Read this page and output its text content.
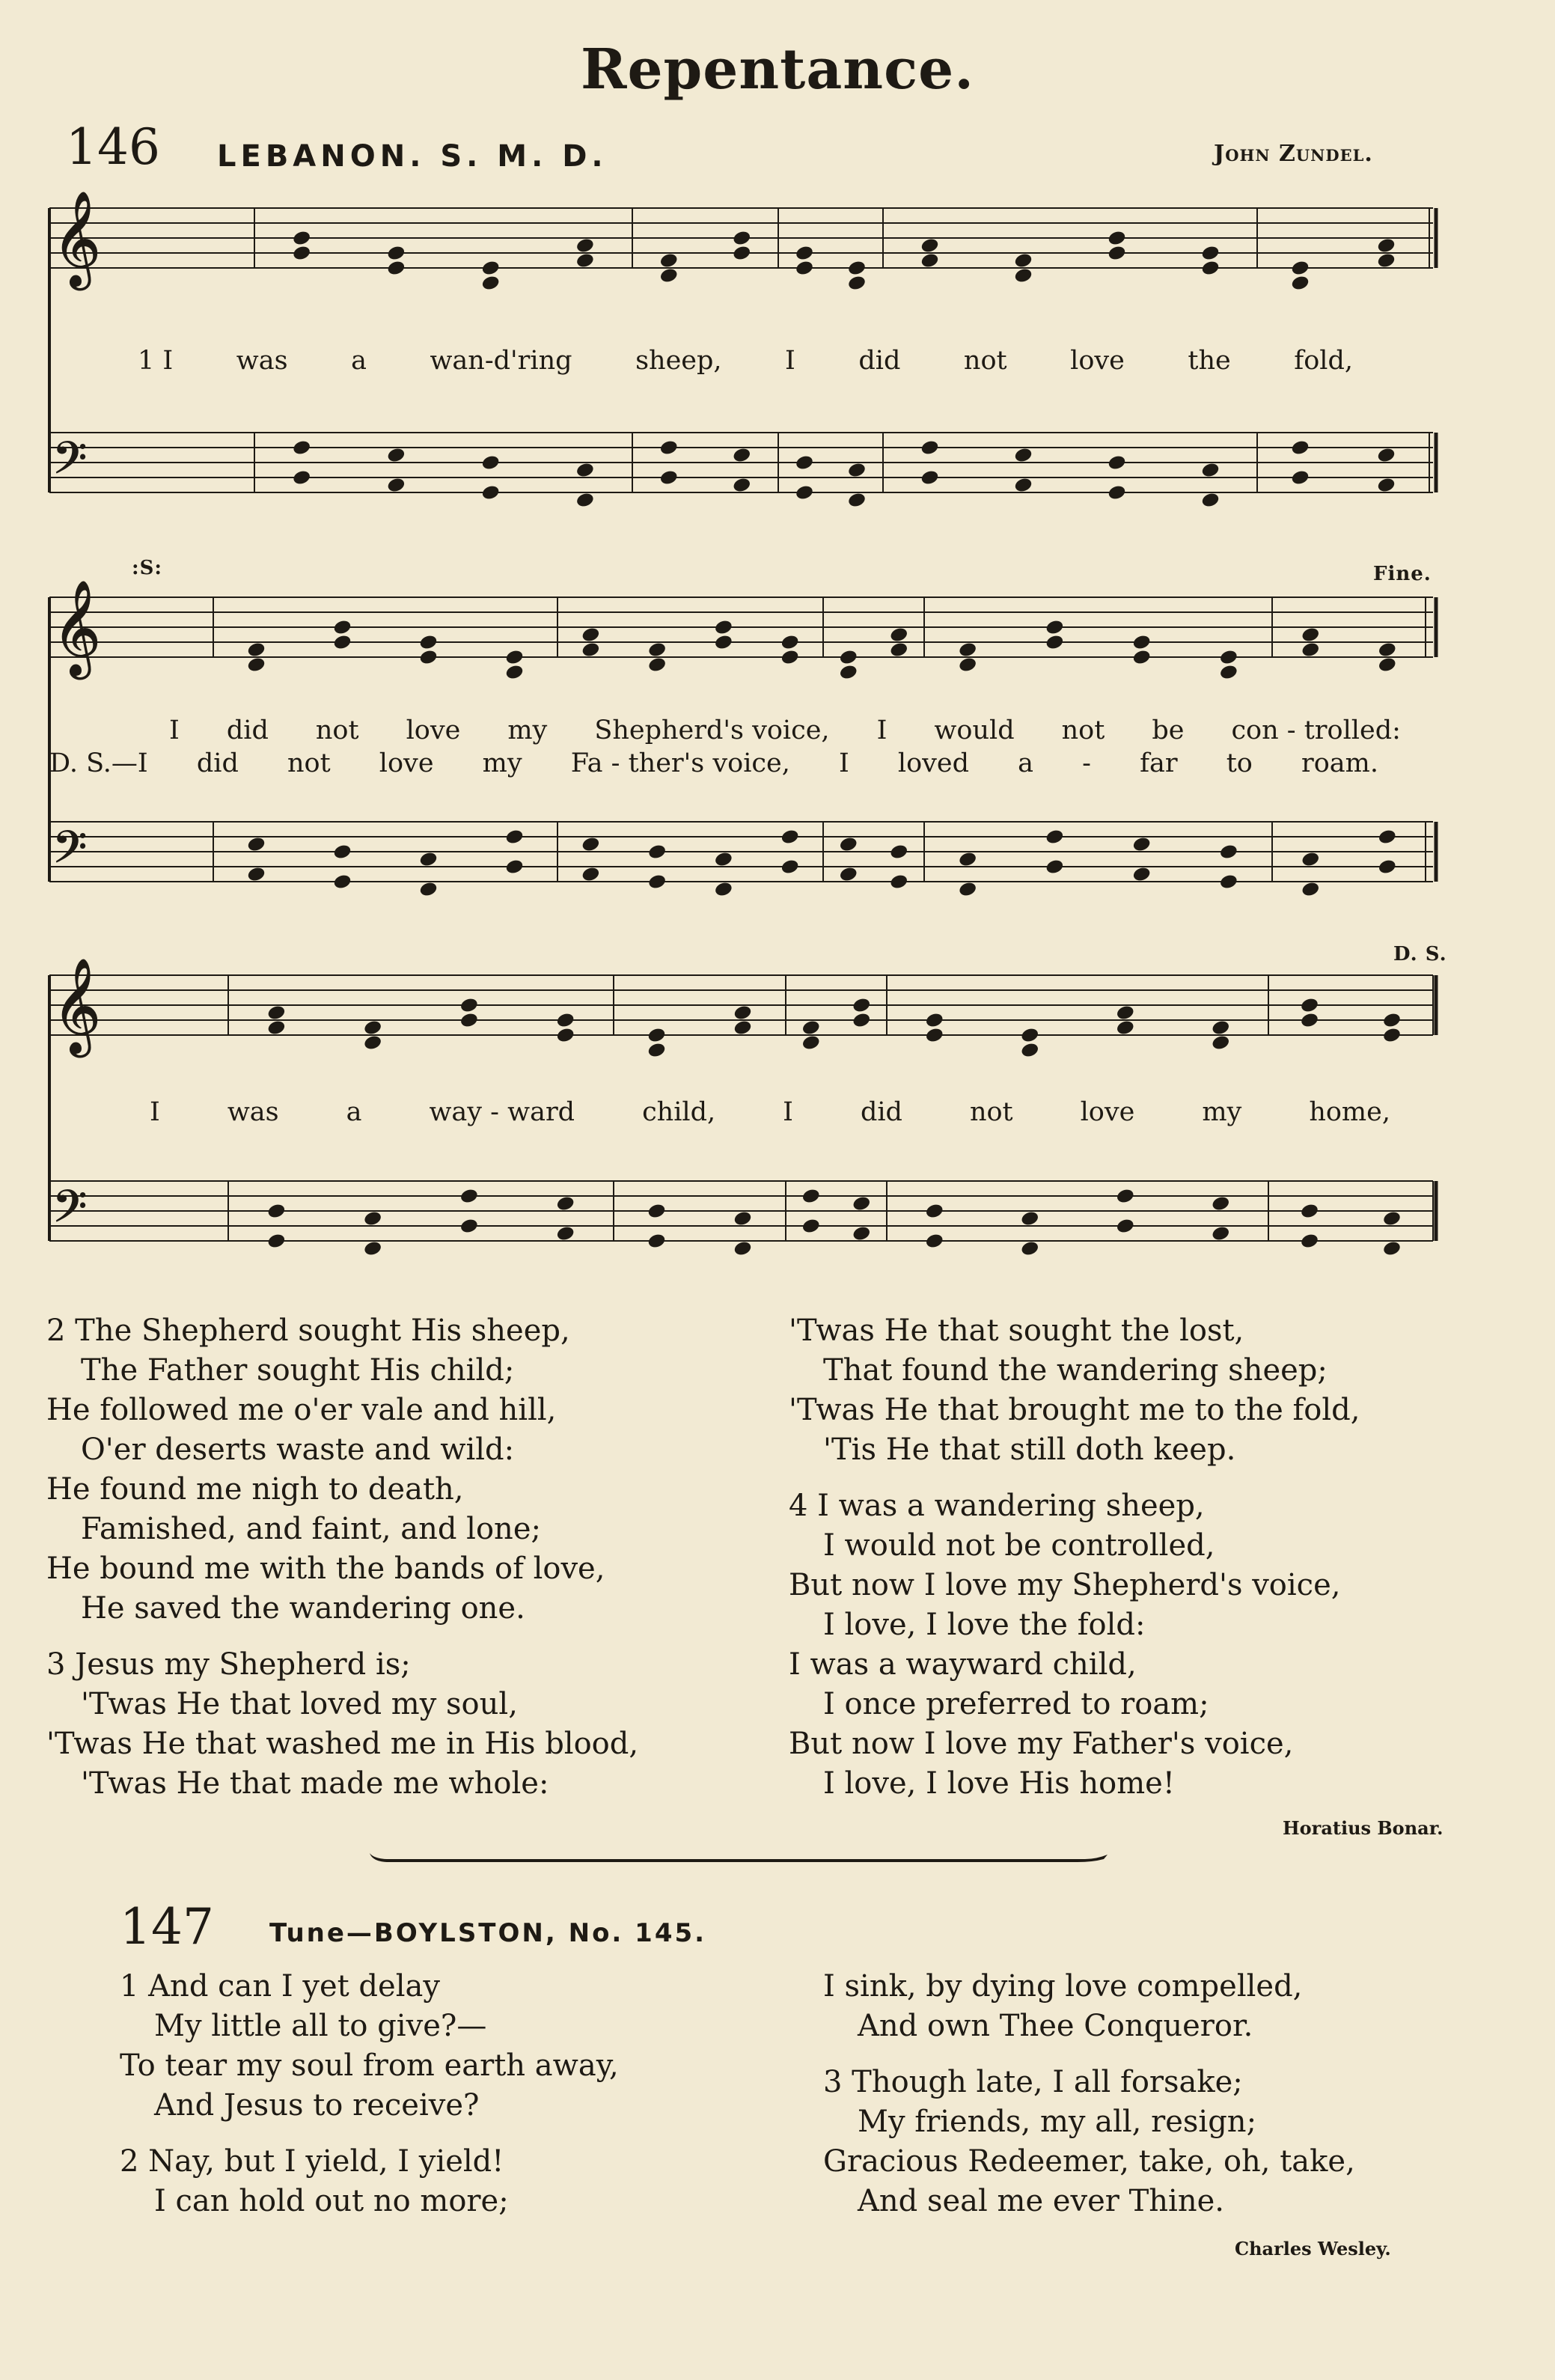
Repentance.
146 LEBANON. S. M. D.	John Zundel.
𝄞
𝄢
𝄞
𝄢
𝄞
𝄢
:S:	Fine.
D. S.
1 I was a wan-d'ring sheep, I did not love the fold,
I did not love my Shepherd's voice, I would not be con - trolled:
D. S.—I did not love my Fa - ther's voice, I loved a - far to roam.
I	was	a	way - ward	child,	I	did	not	love	my	home,
2 The Shepherd sought His sheep,
The Father sought His child;
He followed me o'er vale and hill,
O'er deserts waste and wild:
He found me nigh to death,
Famished, and faint, and lone;
He bound me with the bands of love,
He saved the wandering one.
3 Jesus my Shepherd is;
'Twas He that loved my soul,
'Twas He that washed me in His blood,
'Twas He that made me whole:
'Twas He that sought the lost,
That found the wandering sheep;
'Twas He that brought me to the fold,
'Tis He that still doth keep.
4 I was a wandering sheep,
I would not be controlled,
But now I love my Shepherd's voice,
I love, I love the fold:
I was a wayward child,
I once preferred to roam;
But now I love my Father's voice,
I love, I love His home!
Horatius Bonar.
147 Tune—BOYLSTON, No. 145.
1 And can I yet delay
My little all to give?—
To tear my soul from earth away,
And Jesus to receive?
2 Nay, but I yield, I yield!
I can hold out no more;
I sink, by dying love compelled,
And own Thee Conqueror.
3 Though late, I all forsake;
My friends, my all, resign;
Gracious Redeemer, take, oh, take,
And seal me ever Thine.
Charles Wesley.
